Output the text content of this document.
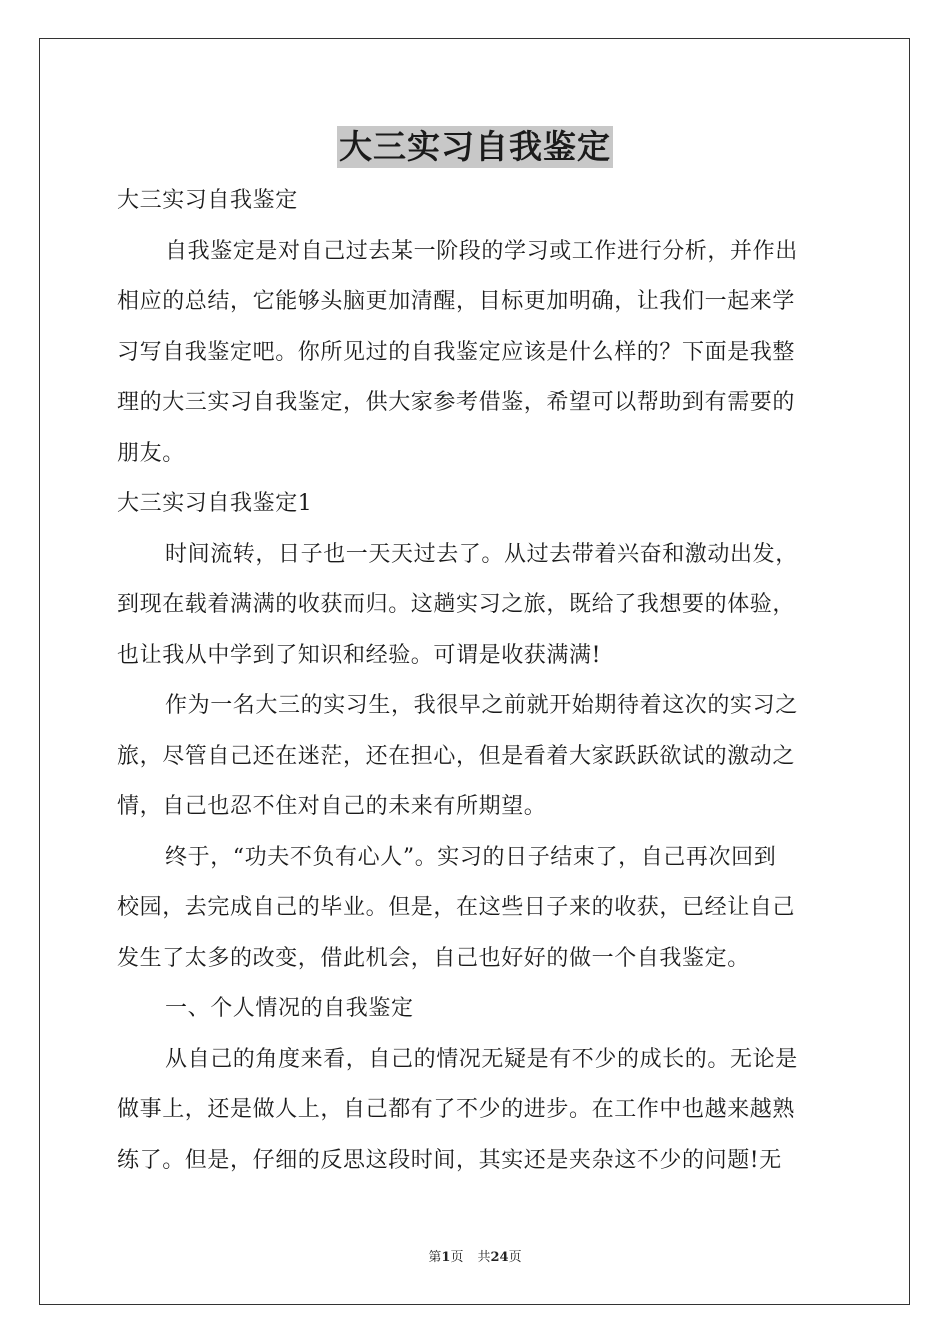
大三实习自我鉴定
大三实习自我鉴定
自我鉴定是对自己过去某一阶段的学习或工作进行分析，并作出
相应的总结，它能够头脑更加清醒，目标更加明确，让我们一起来学
习写自我鉴定吧。你所见过的自我鉴定应该是什么样的？下面是我整
理的大三实习自我鉴定，供大家参考借鉴，希望可以帮助到有需要的
朋友。
大三实习自我鉴定1
时间流转，日子也一天天过去了。从过去带着兴奋和激动出发，
到现在载着满满的收获而归。这趟实习之旅，既给了我想要的体验，
也让我从中学到了知识和经验。可谓是收获满满!
作为一名大三的实习生，我很早之前就开始期待着这次的实习之
旅，尽管自己还在迷茫，还在担心，但是看着大家跃跃欲试的激动之
情，自己也忍不住对自己的未来有所期望。
终于，“功夫不负有心人”。实习的日子结束了，自己再次回到
校园，去完成自己的毕业。但是，在这些日子来的收获，已经让自己
发生了太多的改变，借此机会，自己也好好的做一个自我鉴定。
一、个人情况的自我鉴定
从自己的角度来看，自己的情况无疑是有不少的成长的。无论是
做事上，还是做人上，自己都有了不少的进步。在工作中也越来越熟
练了。但是，仔细的反思这段时间，其实还是夹杂这不少的问题!无
第1页 共24页
